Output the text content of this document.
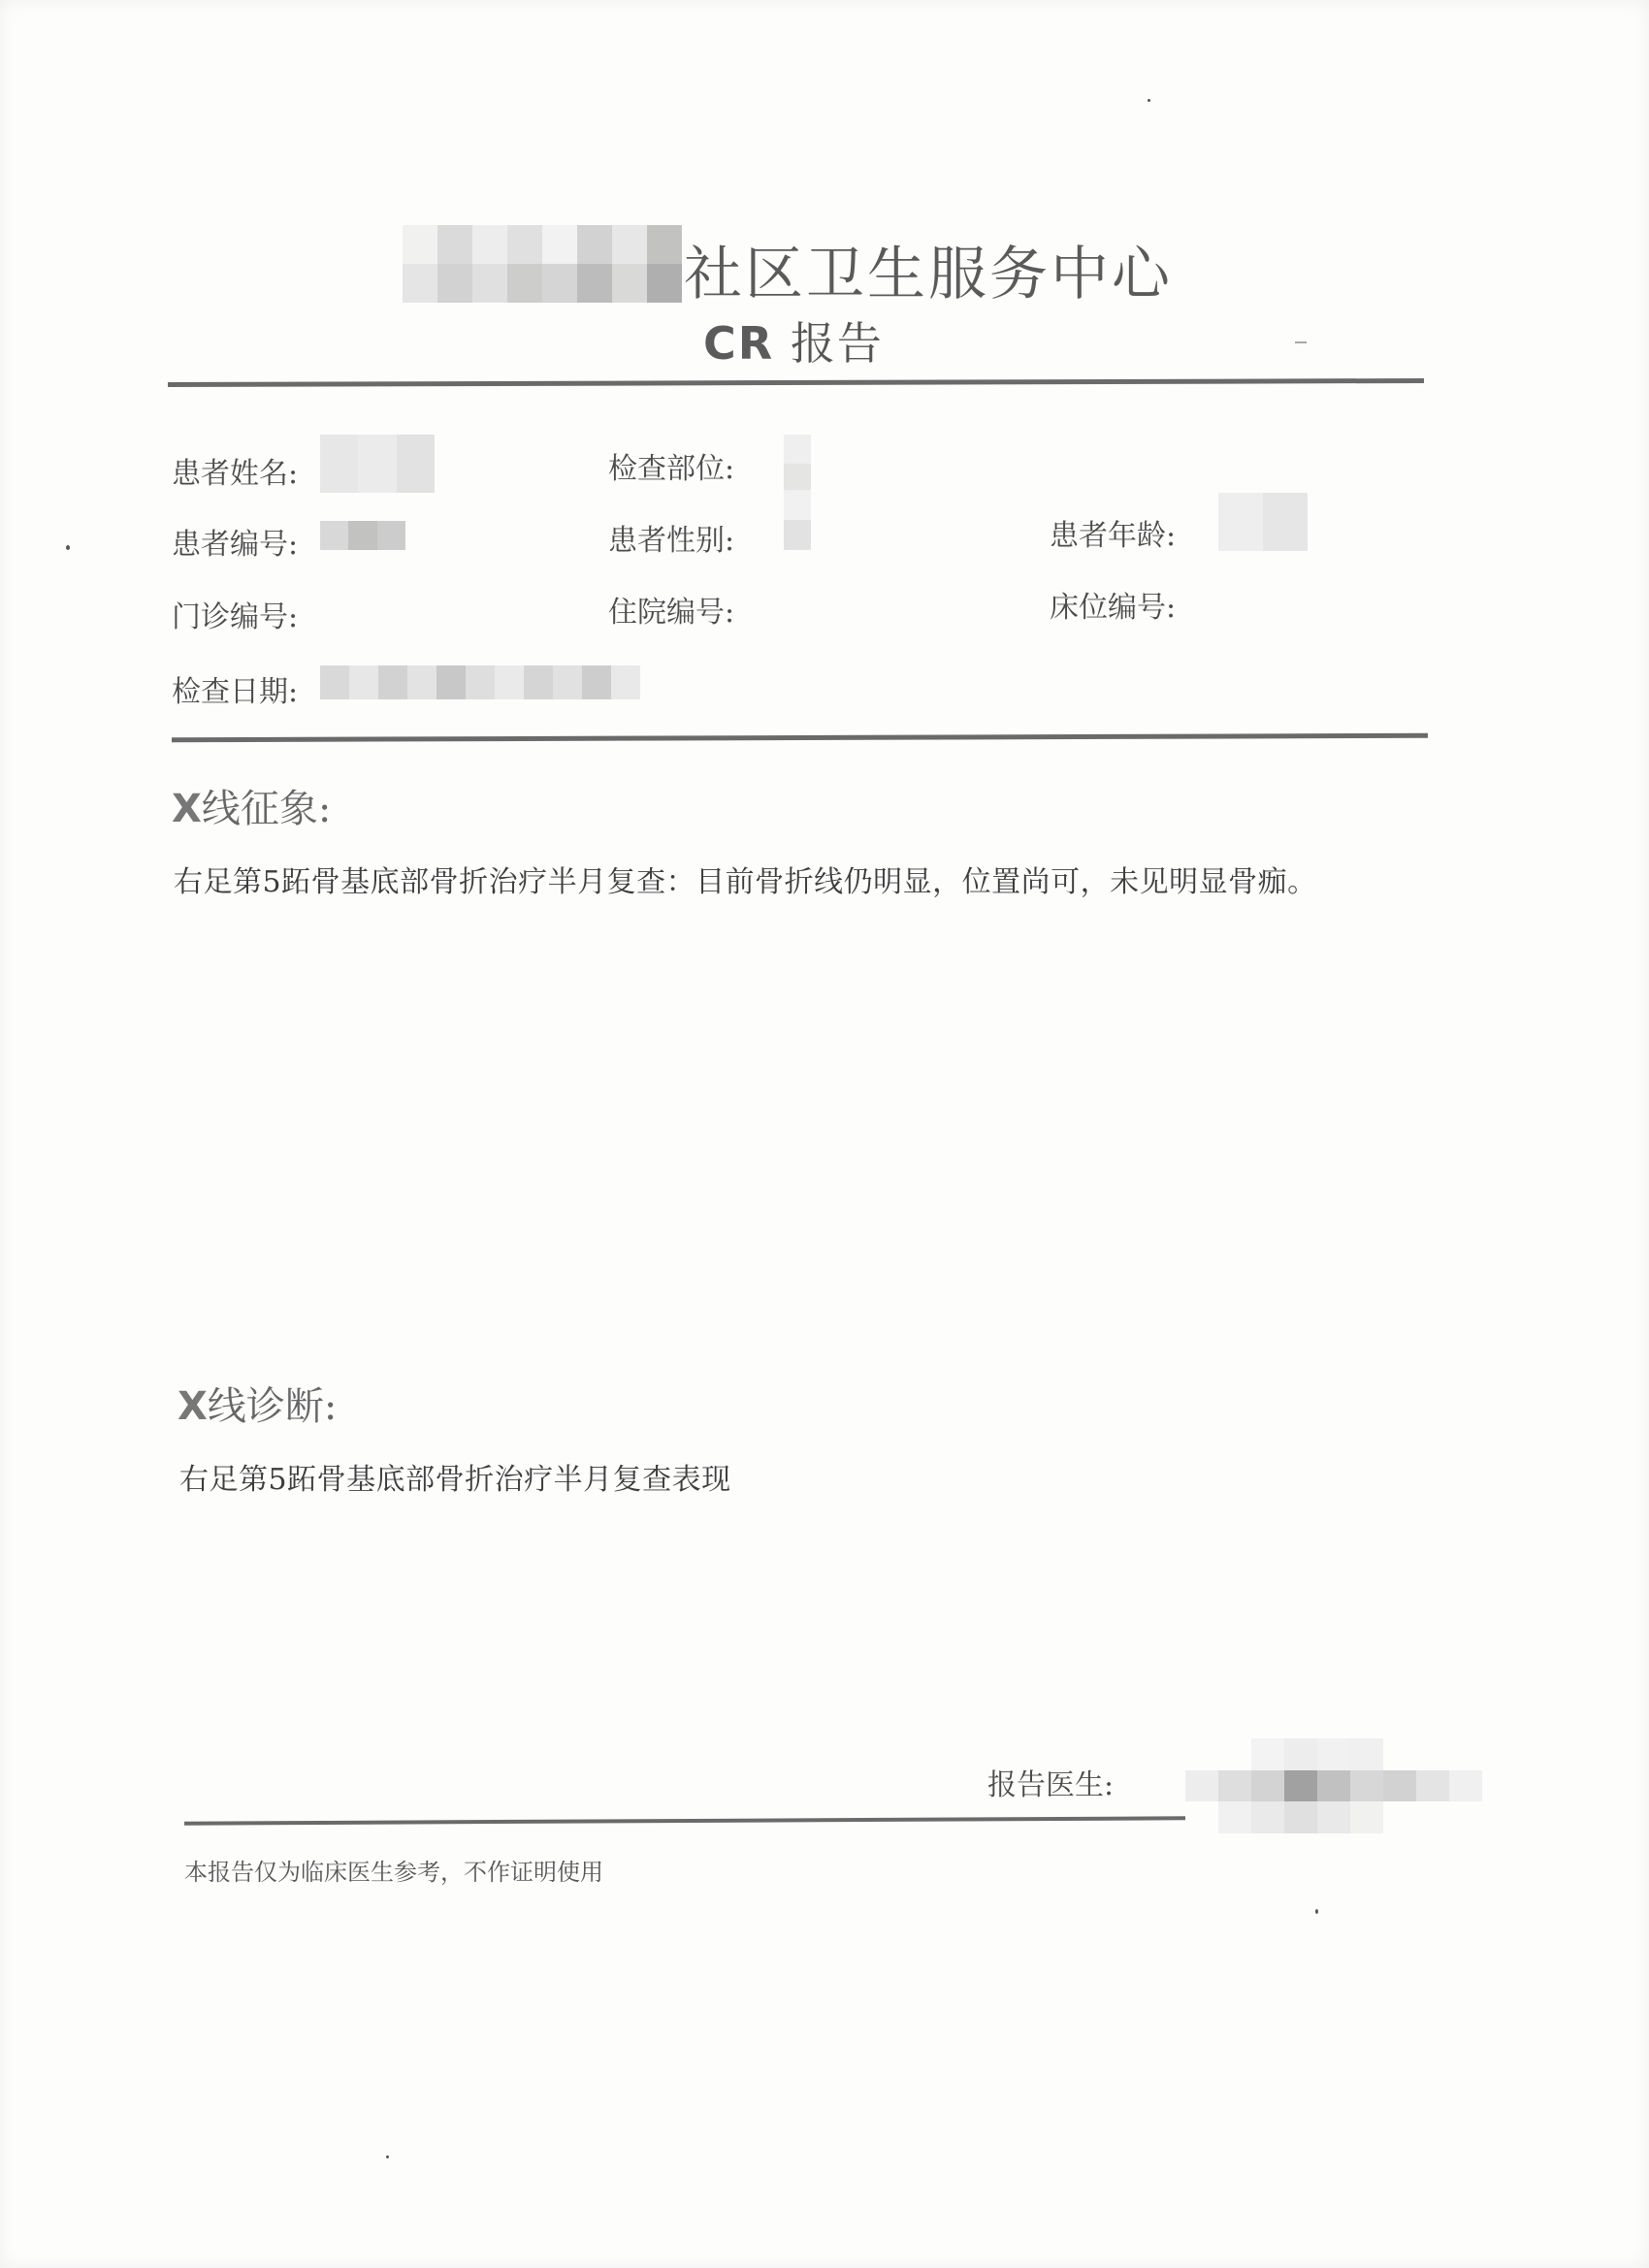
社区卫生服务中心
CR 报告
患者姓名:	检查部位:
患者编号:	患者性别:	患者年龄:
门诊编号:	住院编号:	床位编号:
检查日期:
X线征象:
右足第5跖骨基底部骨折治疗半月复查：目前骨折线仍明显，位置尚可，未见明显骨痂。
X线诊断:
右足第5跖骨基底部骨折治疗半月复查表现
报告医生:
本报告仅为临床医生参考，不作证明使用
